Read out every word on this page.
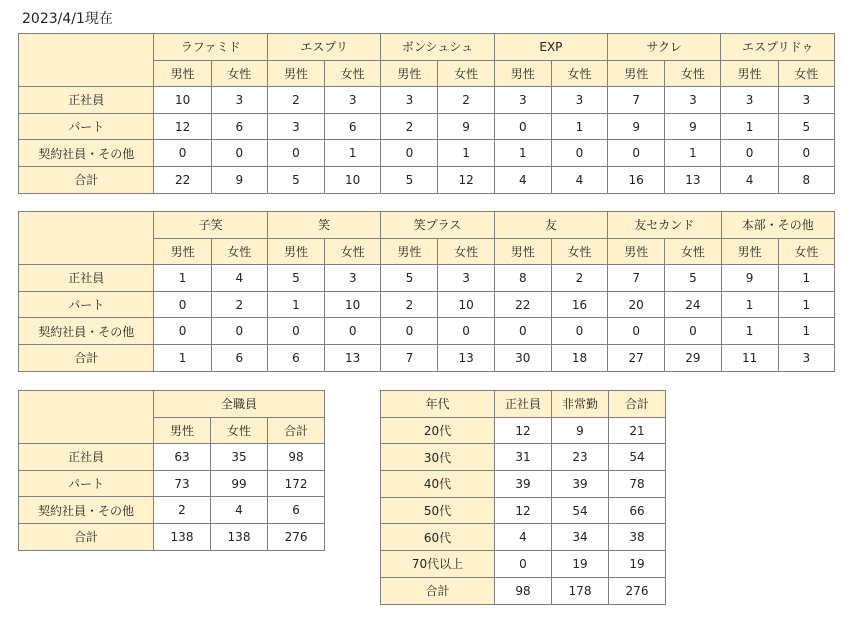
2023/4/1現在
	ラファミド		エスプリ		ボンシュシュ		EXP		サクレ		エスプリドゥ	
	男性	女性	男性	女性	男性	女性	男性	女性	男性	女性	男性	女性
正社員	10	3	2	3	3	2	3	3	7	3	3	3
パート	12	6	3	6	2	9	0	1	9	9	1	5
契約社員・その他	0	0	0	1	0	1	1	0	0	1	0	0
合計	22	9	5	10	5	12	4	4	16	13	4	8
	子笑		笑		笑プラス		友		友セカンド		本部・その他	
	男性	女性	男性	女性	男性	女性	男性	女性	男性	女性	男性	女性
正社員	1	4	5	3	5	3	8	2	7	5	9	1
パート	0	2	1	10	2	10	22	16	20	24	1	1
契約社員・その他	0	0	0	0	0	0	0	0	0	0	1	1
合計	1	6	6	13	7	13	30	18	27	29	11	3
	全職員		
	男性	女性	合計
正社員	63	35	98
パート	73	99	172
契約社員・その他	2	4	6
合計	138	138	276
年代	正社員	非常勤	合計
20代	12	9	21
30代	31	23	54
40代	39	39	78
50代	12	54	66
60代	4	34	38
70代以上	0	19	19
合計	98	178	276
